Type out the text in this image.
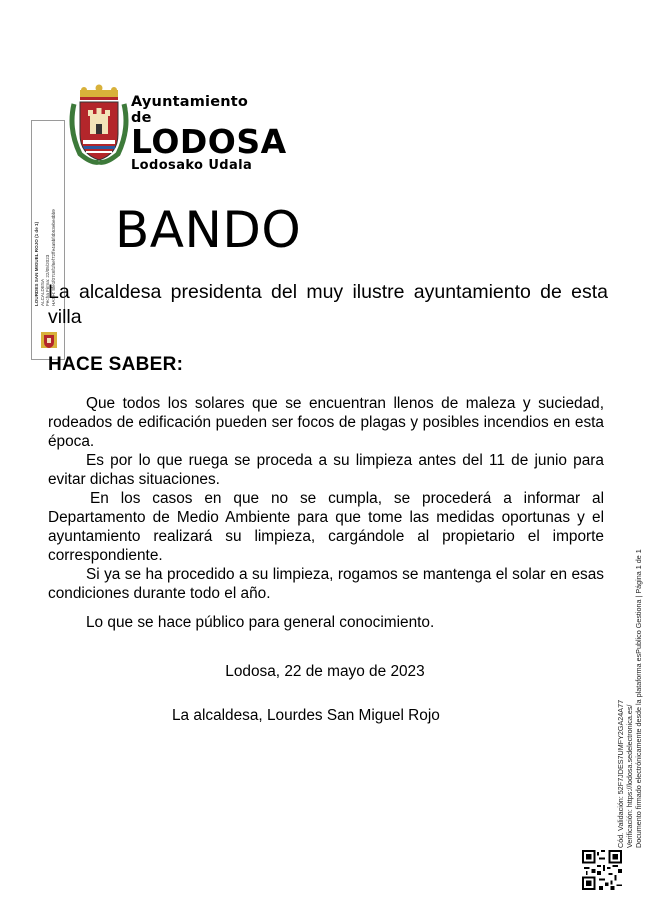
Ayuntamiento de
LODOSA
Lodosako Udala
LOURDES SAN MIGUEL ROJO (1 de 1) ALCALDESA Fecha Firma: 22/05/2023 HASH: 8fe1f07c6f1f6ef72ffe4a5bf4b53ebe4bb9 BANDO
La alcaldesa presidenta del muy ilustre ayuntamiento de esta villa
HACE SABER:

Que todos los solares que se encuentran llenos de maleza y suciedad, rodeados de edificación pueden ser focos de plagas y posibles incendios en esta época.

Es por lo que ruega se proceda a su limpieza antes del 11 de junio para evitar dichas situaciones.

En los casos en que no se cumpla, se procederá a informar al Departamento de Medio Ambiente para que tome las medidas oportunas y el ayuntamiento realizará su limpieza, cargándole al propietario el importe correspondiente.

Si ya se ha procedido a su limpieza, rogamos se mantenga el solar en esas condiciones durante todo el año.

Lo que se hace público para general conocimiento.

Lodosa, 22 de mayo de 2023
La alcaldesa, Lourdes San Miguel Rojo	Cód. Validación: 52F7JDES7UMFY2GA24A77 Verificación: https://lodosa.sedelectronica.es/ Documento firmado electrónicamente desde la plataforma esPublico Gestiona | Página 1 de 1
